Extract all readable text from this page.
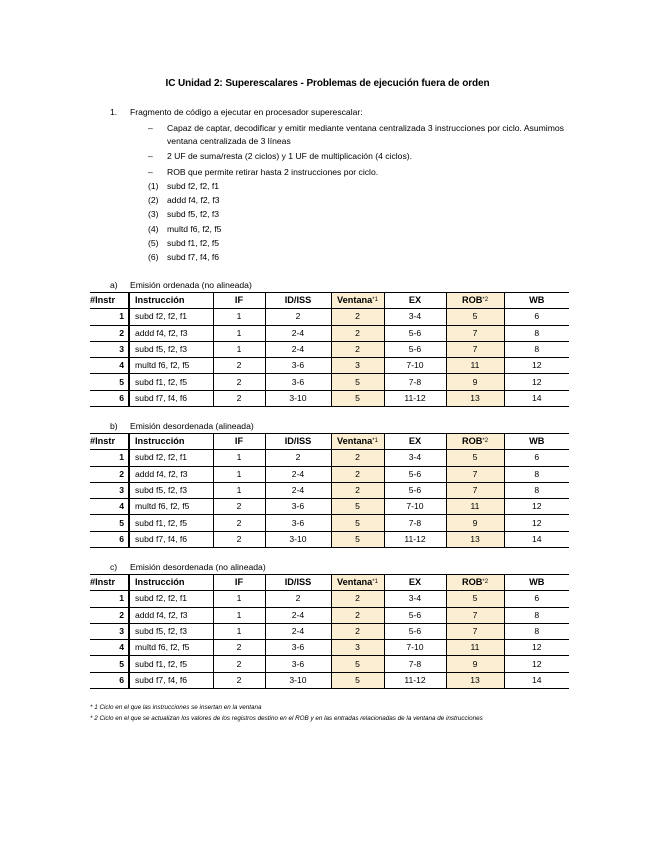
IC Unidad 2: Superescalares - Problemas de ejecución fuera de orden
1. Fragmento de código a ejecutar en procesador superescalar:
– Capaz de captar, decodificar y emitir mediante ventana centralizada 3 instrucciones por ciclo. Asumimos ventana centralizada de 3 líneas
– 2 UF de suma/resta (2 ciclos) y 1 UF de multiplicación (4 ciclos).
– ROB que permite retirar hasta 2 instrucciones por ciclo.
(1) subd f2, f2, f1
(2) addd f4, f2, f3
(3) subd f5, f2, f3
(4) multd f6, f2, f5
(5) subd f1, f2, f5
(6) subd f7, f4, f6
a) Emisión ordenada (no alineada)
#Instr	Instrucción	IF	ID/ISS	Ventana$^{*1}$	EX	ROB$^{*2}$	WB
1	subd f2, f2, f1	1	2	2	3-4	5	6
2	addd f4, f2, f3	1	2-4	2	5-6	7	8
3	subd f5, f2, f3	1	2-4	2	5-6	7	8
4	multd f6, f2, f5	2	3-6	3	7-10	11	12
5	subd f1, f2, f5	2	3-6	5	7-8	9	12
6	subd f7, f4, f6	2	3-10	5	11-12	13	14
b) Emisión desordenada (alineada)
#Instr	Instrucción	IF	ID/ISS	Ventana$^{*1}$	EX	ROB$^{*2}$	WB
1	subd f2, f2, f1	1	2	2	3-4	5	6
2	addd f4, f2, f3	1	2-4	2	5-6	7	8
3	subd f5, f2, f3	1	2-4	2	5-6	7	8
4	multd f6, f2, f5	2	3-6	5	7-10	11	12
5	subd f1, f2, f5	2	3-6	5	7-8	9	12
6	subd f7, f4, f6	2	3-10	5	11-12	13	14
c) Emisión desordenada (no alineada)
#Instr	Instrucción	IF	ID/ISS	Ventana$^{*1}$	EX	ROB$^{*2}$	WB
1	subd f2, f2, f1	1	2	2	3-4	5	6
2	addd f4, f2, f3	1	2-4	2	5-6	7	8
3	subd f5, f2, f3	1	2-4	2	5-6	7	8
4	multd f6, f2, f5	2	3-6	3	7-10	11	12
5	subd f1, f2, f5	2	3-6	5	7-8	9	12
6	subd f7, f4, f6	2	3-10	5	11-12	13	14
* 1 Ciclo en el que las instrucciones se insertan en la ventana
* 2 Ciclo en el que se actualizan los valores de los registros destino en el ROB y en las entradas relacionadas de la ventana de instrucciones
